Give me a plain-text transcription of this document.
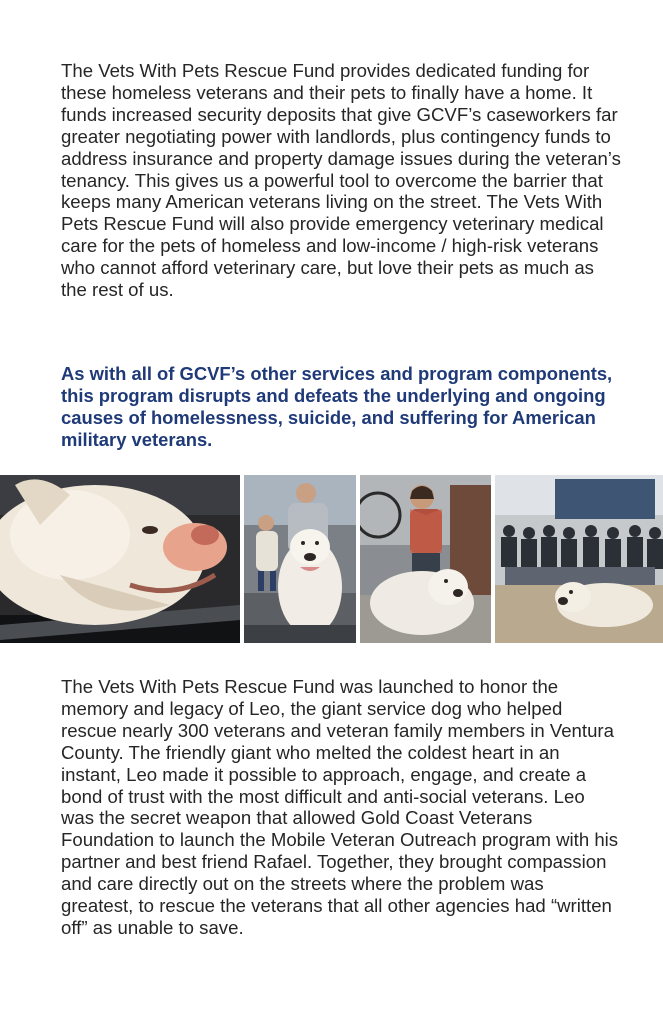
The Vets With Pets Rescue Fund provides dedicated funding for these homeless veterans and their pets to finally have a home. It funds increased security deposits that give GCVF’s caseworkers far greater negotiating power with landlords, plus contingency funds to address insurance and property damage issues during the veteran’s tenancy. This gives us a powerful tool to overcome the barrier that keeps many American veterans living on the street. The Vets With Pets Rescue Fund will also provide emergency veterinary medical care for the pets of homeless and low-income / high-risk veterans who cannot afford veterinary care, but love their pets as much as the rest of us.

As with all of GCVF’s other services and program components, this program disrupts and defeats the underlying and ongoing causes of homelessness, suicide, and suffering for American military veterans.

The Vets With Pets Rescue Fund was launched to honor the memory and legacy of Leo, the giant service dog who helped rescue nearly 300 veterans and veteran family members in Ventura County. The friendly giant who melted the coldest heart in an instant, Leo made it possible to approach, engage, and create a bond of trust with the most difficult and anti-social veterans. Leo was the secret weapon that allowed Gold Coast Veterans Foundation to launch the Mobile Veteran Outreach program with his partner and best friend Rafael. Together, they brought compassion and care directly out on the streets where the problem was greatest, to rescue the veterans that all other agencies had “written off” as unable to save.
